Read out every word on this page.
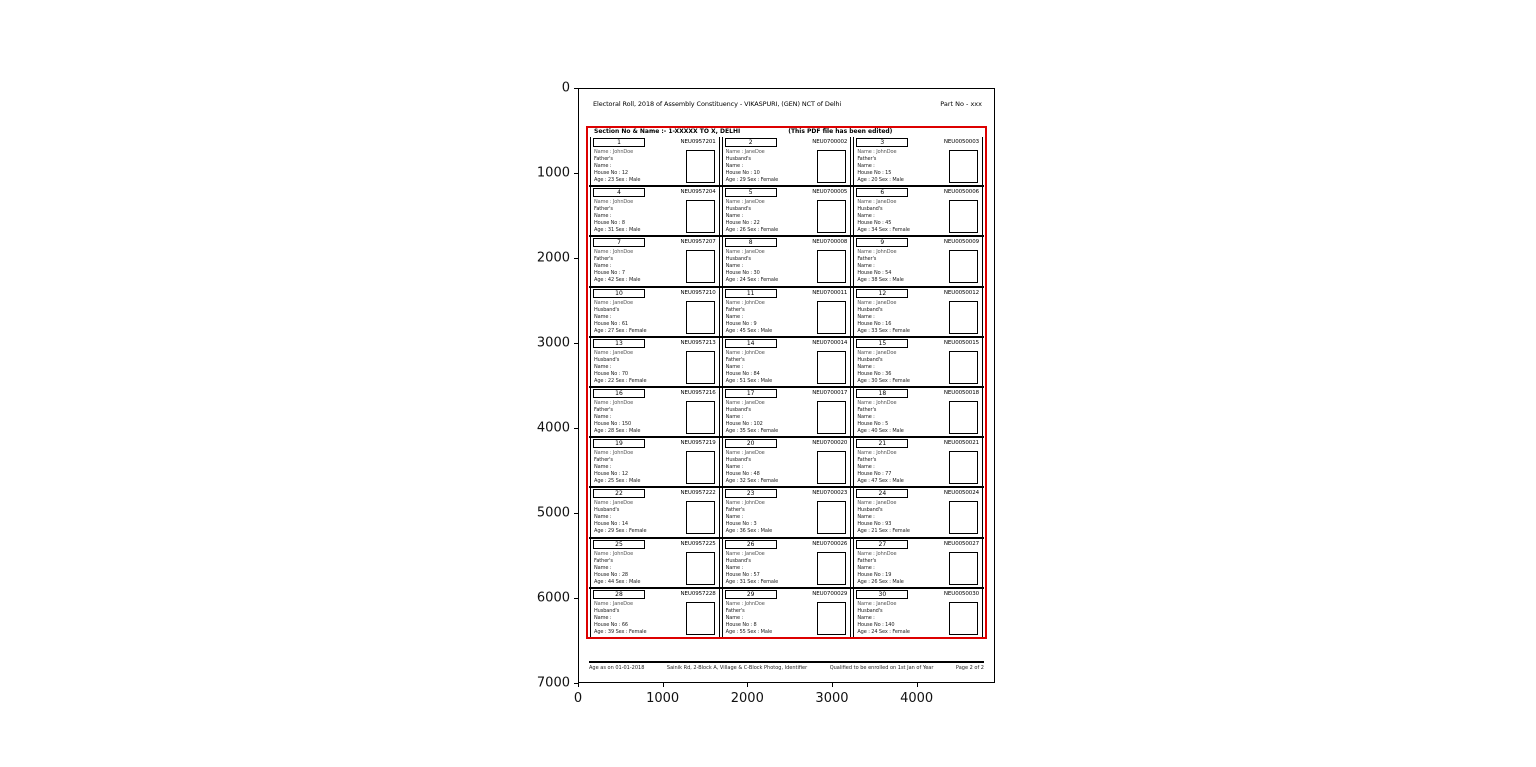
0	1000	2000	3000	4000
0
1000
2000
3000
4000
5000
6000
7000
Electoral Roll, 2018 of Assembly Constituency - VIKASPURI, (GEN) NCT of Delhi	Part No - xxx
Section No & Name :- 1-XXXXX TO X, DELHI	(This PDF file has been edited)
1	NEU0957201
Name : JohnDoe
Father's
Name :
House No : 12
Age : 23 Sex : Male
2	NEU0700002
Name : JaneDoe
Husband's
Name :
House No : 10
Age : 29 Sex : Female
3	NEU0050003
Name : JohnDoe
Father's
Name :
House No : 15
Age : 20 Sex : Male
4	NEU0957204
Name : JohnDoe
Father's
Name :
House No : 8
Age : 31 Sex : Male
5	NEU0700005
Name : JaneDoe
Husband's
Name :
House No : 22
Age : 26 Sex : Female
6	NEU0050006
Name : JaneDoe
Husband's
Name :
House No : 45
Age : 34 Sex : Female
7	NEU0957207
Name : JohnDoe
Father's
Name :
House No : 7
Age : 42 Sex : Male
8	NEU0700008
Name : JaneDoe
Husband's
Name :
House No : 30
Age : 24 Sex : Female
9	NEU0050009
Name : JohnDoe
Father's
Name :
House No : 54
Age : 38 Sex : Male
10	NEU0957210
Name : JaneDoe
Husband's
Name :
House No : 61
Age : 27 Sex : Female
11	NEU0700011
Name : JohnDoe
Father's
Name :
House No : 9
Age : 45 Sex : Male
12	NEU0050012
Name : JaneDoe
Husband's
Name :
House No : 16
Age : 33 Sex : Female
13	NEU0957213
Name : JaneDoe
Husband's
Name :
House No : 70
Age : 22 Sex : Female
14	NEU0700014
Name : JohnDoe
Father's
Name :
House No : 84
Age : 51 Sex : Male
15	NEU0050015
Name : JaneDoe
Husband's
Name :
House No : 36
Age : 30 Sex : Female
16	NEU0957216
Name : JohnDoe
Father's
Name :
House No : 150
Age : 28 Sex : Male
17	NEU0700017
Name : JaneDoe
Husband's
Name :
House No : 102
Age : 35 Sex : Female
18	NEU0050018
Name : JohnDoe
Father's
Name :
House No : 5
Age : 40 Sex : Male
19	NEU0957219
Name : JohnDoe
Father's
Name :
House No : 12
Age : 25 Sex : Male
20	NEU0700020
Name : JaneDoe
Husband's
Name :
House No : 48
Age : 32 Sex : Female
21	NEU0050021
Name : JohnDoe
Father's
Name :
House No : 77
Age : 47 Sex : Male
22	NEU0957222
Name : JaneDoe
Husband's
Name :
House No : 14
Age : 29 Sex : Female
23	NEU0700023
Name : JohnDoe
Father's
Name :
House No : 3
Age : 36 Sex : Male
24	NEU0050024
Name : JaneDoe
Husband's
Name :
House No : 93
Age : 21 Sex : Female
25	NEU0957225
Name : JohnDoe
Father's
Name :
House No : 28
Age : 44 Sex : Male
26	NEU0700026
Name : JaneDoe
Husband's
Name :
House No : 57
Age : 31 Sex : Female
27	NEU0050027
Name : JohnDoe
Father's
Name :
House No : 19
Age : 26 Sex : Male
28	NEU0957228
Name : JaneDoe
Husband's
Name :
House No : 66
Age : 39 Sex : Female
29	NEU0700029
Name : JohnDoe
Father's
Name :
House No : 8
Age : 55 Sex : Male
30	NEU0050030
Name : JaneDoe
Husband's
Name :
House No : 140
Age : 24 Sex : Female
Age as on 01-01-2018	Sainik Rd, 2-Block A, Village & C-Block Photog, Identifier	Qualified to be enrolled on 1st Jan of Year	Page 2 of 2
